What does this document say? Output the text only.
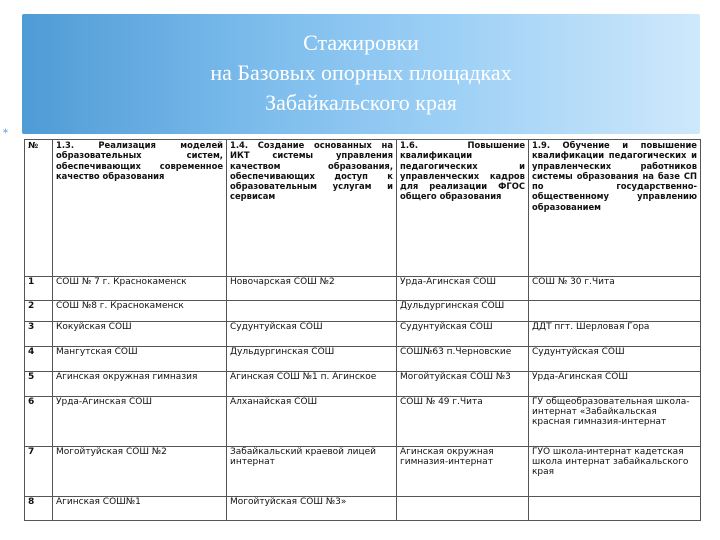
Стажировки
на Базовых опорных площадках
Забайкальского края
*
№	1.3. Реализация моделей образовательных систем, обеспечивающих современное качество образования	1.4. Создание основанных на ИКТ системы управления качеством образования, обеспечивающих доступ к образовательным услугам и сервисам	1.6. Повышение квалификации педагогических и управленческих кадров для реализации ФГОС общего образования	1.9. Обучение и повышение квалификации педагогических и управленческих работников системы образования на базе СП по государственно-общественному управлению образованием
1	СОШ № 7 г. Краснокаменск	Новочарская СОШ №2	Урда-Агинская СОШ	СОШ № 30 г.Чита
2	СОШ №8 г. Краснокаменск		Дульдургинская СОШ	
3	Кокуйская СОШ	Судунтуйская СОШ	Судунтуйская СОШ	ДДТ пгт. Шерловая Гора
4	Мангутская СОШ	Дульдургинская СОШ	СОШ№63 п.Черновские	Судунтуйская СОШ
5	Агинская окружная гимназия	Агинская СОШ №1 п. Агинское	Могойтуйская СОШ №3	Урда-Агинская СОШ
6	Урда-Агинская СОШ	Алханайская СОШ	СОШ № 49 г.Чита	ГУ общеобразовательная школа-интернат «Забайкальская красная гимназия-интернат
7	Могойтуйская СОШ №2	Забайкальский краевой лицей интернат	Агинская окружная гимназия-интернат	ГУО школа-интернат кадетская школа интернат забайкальского края
8	Агинская СОШ№1	Могойтуйская СОШ №3»		
